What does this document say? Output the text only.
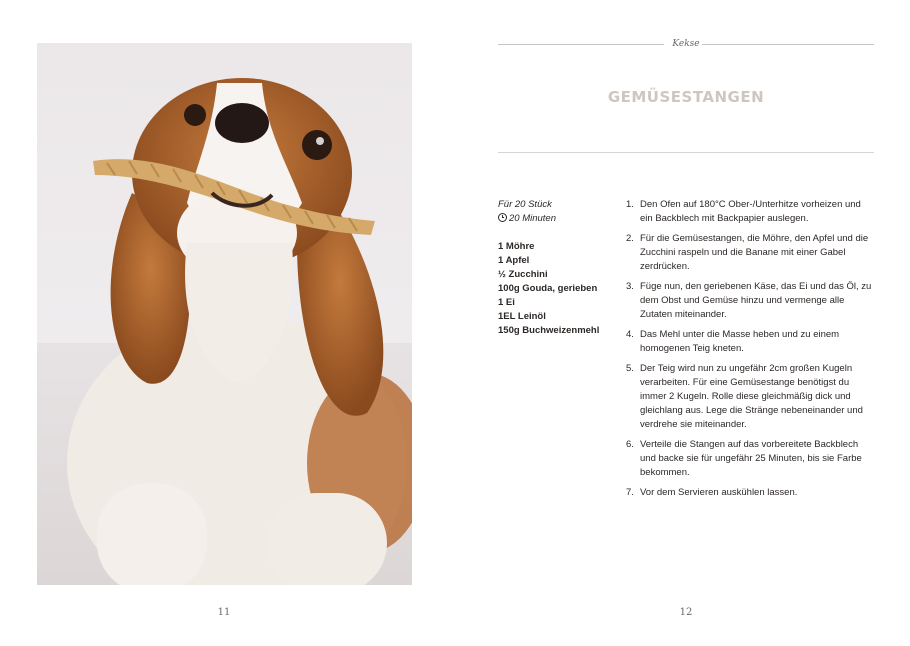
11
Kekse
GEMÜSESTANGEN
Für 20 Stück
20 Minuten
1 Möhre
1 Apfel
½ Zucchini
100g Gouda, gerieben
1 Ei
1EL Leinöl
150g Buchweizenmehl
1. Den Ofen auf 180°C Ober-/Unterhitze vorheizen und ein Backblech mit Backpapier auslegen.
2. Für die Gemüsestangen, die Möhre, den Apfel und die Zucchini raspeln und die Banane mit einer Gabel zerdrücken.
3. Füge nun, den geriebenen Käse, das Ei und das Öl, zu dem Obst und Gemüse hinzu und vermenge alle Zutaten miteinander.
4. Das Mehl unter die Masse heben und zu einem homogenen Teig kneten.
5. Der Teig wird nun zu ungefähr 2cm großen Kugeln verarbeiten. Für eine Gemüsestange benötigst du immer 2 Kugeln. Rolle diese gleichmäßig dick und gleichlang aus. Lege die Stränge nebeneinander und verdrehe sie miteinander.
6. Verteile die Stangen auf das vorbereitete Backblech und backe sie für ungefähr 25 Minuten, bis sie Farbe bekommen.
7. Vor dem Servieren auskühlen lassen.
12
